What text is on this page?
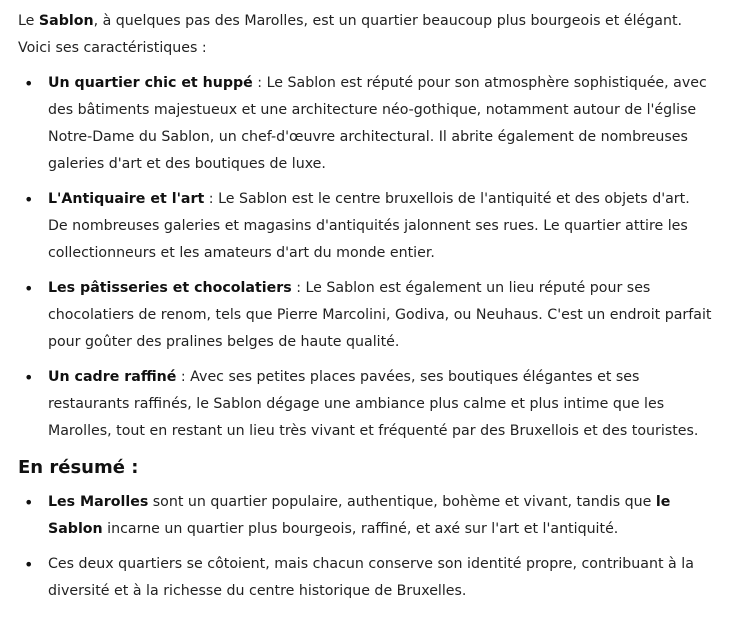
Le Sablon, à quelques pas des Marolles, est un quartier beaucoup plus bourgeois et élégant. Voici ses caractéristiques :

• Un quartier chic et huppé : Le Sablon est réputé pour son atmosphère sophistiquée, avec des bâtiments majestueux et une architecture néo-gothique, notamment autour de l'église Notre-Dame du Sablon, un chef-d'œuvre architectural. Il abrite également de nombreuses galeries d'art et des boutiques de luxe.
• L'Antiquaire et l'art : Le Sablon est le centre bruxellois de l'antiquité et des objets d'art. De nombreuses galeries et magasins d'antiquités jalonnent ses rues. Le quartier attire les collectionneurs et les amateurs d'art du monde entier.
• Les pâtisseries et chocolatiers : Le Sablon est également un lieu réputé pour ses chocolatiers de renom, tels que Pierre Marcolini, Godiva, ou Neuhaus. C'est un endroit parfait pour goûter des pralines belges de haute qualité.
• Un cadre raffiné : Avec ses petites places pavées, ses boutiques élégantes et ses restaurants raffinés, le Sablon dégage une ambiance plus calme et plus intime que les Marolles, tout en restant un lieu très vivant et fréquenté par des Bruxellois et des touristes.
En résumé :
• Les Marolles sont un quartier populaire, authentique, bohème et vivant, tandis que le Sablon incarne un quartier plus bourgeois, raffiné, et axé sur l'art et l'antiquité.
• Ces deux quartiers se côtoient, mais chacun conserve son identité propre, contribuant à la diversité et à la richesse du centre historique de Bruxelles.
